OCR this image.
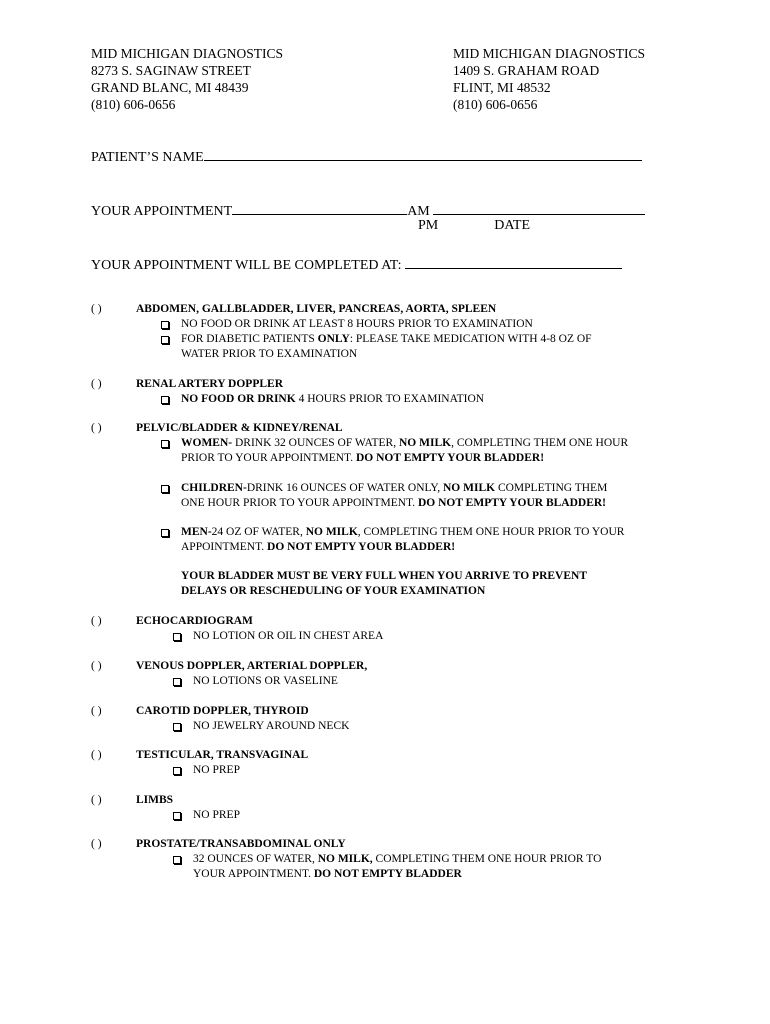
MID MICHIGAN DIAGNOSTICS
8273 S. SAGINAW STREET
GRAND BLANC, MI 48439
(810) 606-0656
MID MICHIGAN DIAGNOSTICS
1409 S. GRAHAM ROAD
FLINT, MI 48532
(810) 606-0656
PATIENT’S NAME
YOUR APPOINTMENT	AM
PM	DATE
YOUR APPOINTMENT WILL BE COMPLETED AT:
( )	ABDOMEN, GALLBLADDER, LIVER, PANCREAS, AORTA, SPLEEN
NO FOOD OR DRINK AT LEAST 8 HOURS PRIOR TO EXAMINATION
FOR DIABETIC PATIENTS ONLY: PLEASE TAKE MEDICATION WITH 4-8 OZ OF
WATER PRIOR TO EXAMINATION
( )	RENAL ARTERY DOPPLER
NO FOOD OR DRINK 4 HOURS PRIOR TO EXAMINATION
( )	PELVIC/BLADDER & KIDNEY/RENAL
WOMEN- DRINK 32 OUNCES OF WATER, NO MILK, COMPLETING THEM ONE HOUR
PRIOR TO YOUR APPOINTMENT. DO NOT EMPTY YOUR BLADDER!
CHILDREN-DRINK 16 OUNCES OF WATER ONLY, NO MILK COMPLETING THEM
ONE HOUR PRIOR TO YOUR APPOINTMENT. DO NOT EMPTY YOUR BLADDER!
MEN-24 OZ OF WATER, NO MILK, COMPLETING THEM ONE HOUR PRIOR TO YOUR
APPOINTMENT. DO NOT EMPTY YOUR BLADDER!
YOUR BLADDER MUST BE VERY FULL WHEN YOU ARRIVE TO PREVENT
DELAYS OR RESCHEDULING OF YOUR EXAMINATION
( )	ECHOCARDIOGRAM
NO LOTION OR OIL IN CHEST AREA
( )	VENOUS DOPPLER, ARTERIAL DOPPLER,
NO LOTIONS OR VASELINE
( )	CAROTID DOPPLER, THYROID
NO JEWELRY AROUND NECK
( )	TESTICULAR, TRANSVAGINAL
NO PREP
( )	LIMBS
NO PREP
( )	PROSTATE/TRANSABDOMINAL ONLY
32 OUNCES OF WATER, NO MILK, COMPLETING THEM ONE HOUR PRIOR TO
YOUR APPOINTMENT. DO NOT EMPTY BLADDER
